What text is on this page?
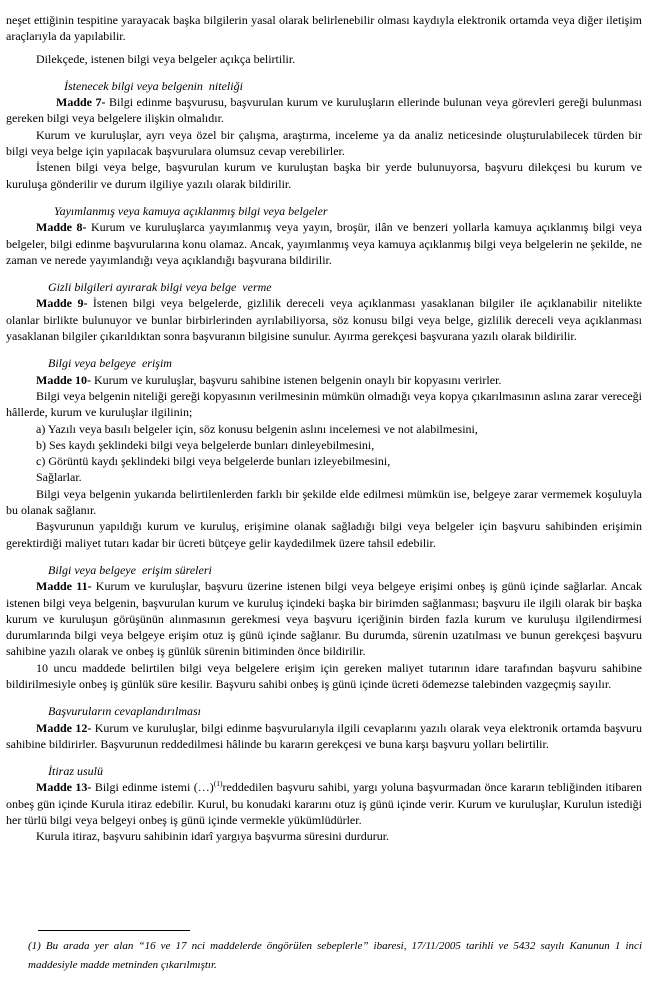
neşet ettiğinin tespitine yarayacak başka bilgilerin yasal olarak belirlenebilir olması kaydıyla elektronik ortamda veya diğer iletişim araçlarıyla da yapılabilir.

Dilekçede, istenen bilgi veya belgeler açıkça belirtilir.

İstenecek bilgi veya belgenin  niteliği

Madde 7- Bilgi edinme başvurusu, başvurulan kurum ve kuruluşların ellerinde bulunan veya görevleri gereği bulunması gereken bilgi veya belgelere ilişkin olmalıdır.

Kurum ve kuruluşlar, ayrı veya özel bir çalışma, araştırma, inceleme ya da analiz neticesinde oluşturulabilecek türden bir bilgi veya belge için yapılacak başvurulara olumsuz cevap verebilirler.

İstenen bilgi veya belge, başvurulan kurum ve kuruluştan başka bir yerde bulunuyorsa, başvuru dilekçesi bu kurum ve kuruluşa gönderilir ve durum ilgiliye yazılı olarak bildirilir.

Yayımlanmış veya kamuya açıklanmış bilgi veya belgeler

Madde 8- Kurum ve kuruluşlarca yayımlanmış veya yayın, broşür, ilân ve benzeri yollarla kamuya açıklanmış bilgi veya belgeler, bilgi edinme başvurularına konu olamaz. Ancak, yayımlanmış veya kamuya açıklanmış bilgi veya belgelerin ne şekilde, ne zaman ve nerede yayımlandığı veya açıklandığı başvurana bildirilir.

Gizli bilgileri ayırarak bilgi veya belge  verme

Madde 9- İstenen bilgi veya belgelerde, gizlilik dereceli veya açıklanması yasaklanan bilgiler ile açıklanabilir nitelikte olanlar birlikte bulunuyor ve bunlar birbirlerinden ayrılabiliyorsa, söz konusu bilgi veya belge, gizlilik dereceli veya açıklanması yasaklanan bilgiler çıkarıldıktan sonra başvuranın bilgisine sunulur. Ayırma gerekçesi başvurana yazılı olarak bildirilir.

Bilgi veya belgeye  erişim

Madde 10- Kurum ve kuruluşlar, başvuru sahibine istenen belgenin onaylı bir kopyasını verirler.

Bilgi veya belgenin niteliği gereği kopyasının verilmesinin mümkün olmadığı veya kopya çıkarılmasının aslına zarar vereceği hâllerde, kurum ve kuruluşlar ilgilinin;

a) Yazılı veya basılı belgeler için, söz konusu belgenin aslını incelemesi ve not alabilmesini,

b) Ses kaydı şeklindeki bilgi veya belgelerde bunları dinleyebilmesini,

c) Görüntü kaydı şeklindeki bilgi veya belgelerde bunları izleyebilmesini,

Sağlarlar.

Bilgi veya belgenin yukarıda belirtilenlerden farklı bir şekilde elde edilmesi mümkün ise, belgeye zarar vermemek koşuluyla bu olanak sağlanır.

Başvurunun yapıldığı kurum ve kuruluş, erişimine olanak sağladığı bilgi veya belgeler için başvuru sahibinden erişimin gerektirdiği maliyet tutarı kadar bir ücreti bütçeye gelir kaydedilmek üzere tahsil edebilir.

Bilgi veya belgeye  erişim süreleri

Madde 11- Kurum ve kuruluşlar, başvuru üzerine istenen bilgi veya belgeye erişimi onbeş iş günü içinde sağlarlar. Ancak istenen bilgi veya belgenin, başvurulan kurum ve kuruluş içindeki başka bir birimden sağlanması; başvuru ile ilgili olarak bir başka kurum ve kuruluşun görüşünün alınmasının gerekmesi veya başvuru içeriğinin birden fazla kurum ve kuruluşu ilgilendirmesi durumlarında bilgi veya belgeye erişim otuz iş günü içinde sağlanır. Bu durumda, sürenin uzatılması ve bunun gerekçesi başvuru sahibine yazılı olarak ve onbeş iş günlük sürenin bitiminden önce bildirilir.

10 uncu maddede belirtilen bilgi veya belgelere erişim için gereken maliyet tutarının idare tarafından başvuru sahibine bildirilmesiyle onbeş iş günlük süre kesilir. Başvuru sahibi onbeş iş günü içinde ücreti ödemezse talebinden vazgeçmiş sayılır.

Başvuruların cevaplandırılması

Madde 12- Kurum ve kuruluşlar, bilgi edinme başvurularıyla ilgili cevaplarını yazılı olarak veya elektronik ortamda başvuru sahibine bildirirler. Başvurunun reddedilmesi hâlinde bu kararın gerekçesi ve buna karşı başvuru yolları belirtilir.

İtiraz usulü

Madde 13- Bilgi edinme istemi (…)$^{(1)}$reddedilen başvuru sahibi, yargı yoluna başvurmadan önce kararın tebliğinden itibaren onbeş gün içinde Kurula itiraz edebilir. Kurul, bu konudaki kararını otuz iş günü içinde verir. Kurum ve kuruluşlar, Kurulun istediği her türlü bilgi veya belgeyi onbeş iş günü içinde vermekle yükümlüdürler.

Kurula itiraz, başvuru sahibinin idarî yargıya başvurma süresini durdurur.

(1) Bu arada yer alan “16 ve 17 nci maddelerde öngörülen sebeplerle” ibaresi, 17/11/2005 tarihli ve 5432 sayılı Kanunun 1 inci maddesiyle madde metninden çıkarılmıştır.
